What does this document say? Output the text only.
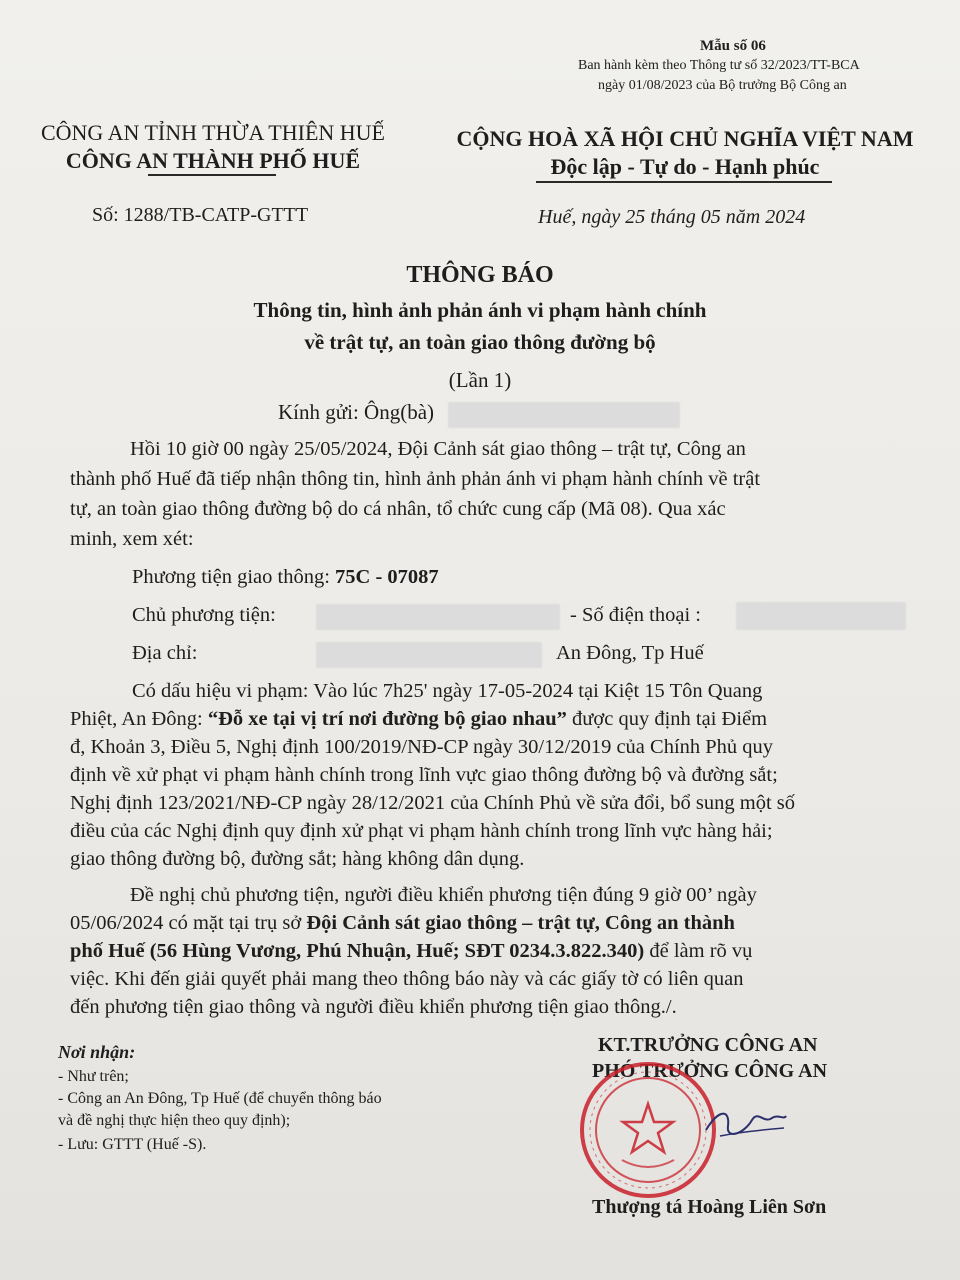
Mẫu số 06
Ban hành kèm theo Thông tư số 32/2023/TT-BCA
ngày 01/08/2023 của Bộ trưởng Bộ Công an
CÔNG AN TỈNH THỪA THIÊN HUẾ
CÔNG AN THÀNH PHỐ HUẾ
CỘNG HOÀ XÃ HỘI CHỦ NGHĨA VIỆT NAM
Độc lập - Tự do - Hạnh phúc
Số: 1288/TB-CATP-GTTT	Huế, ngày 25 tháng 05 năm 2024
THÔNG BÁO
Thông tin, hình ảnh phản ánh vi phạm hành chính
về trật tự, an toàn giao thông đường bộ
(Lần 1)
Kính gửi: Ông(bà)
Hồi 10 giờ 00 ngày 25/05/2024, Đội Cảnh sát giao thông – trật tự, Công an
thành phố Huế đã tiếp nhận thông tin, hình ảnh phản ánh vi phạm hành chính về trật
tự, an toàn giao thông đường bộ do cá nhân, tổ chức cung cấp (Mã 08). Qua xác
minh, xem xét:
Phương tiện giao thông: 75C - 07087
Chủ phương tiện:	- Số điện thoại :
Địa chỉ:	An Đông, Tp Huế
Có dấu hiệu vi phạm: Vào lúc 7h25' ngày 17-05-2024 tại Kiệt 15 Tôn Quang
Phiệt, An Đông: “Đỗ xe tại vị trí nơi đường bộ giao nhau” được quy định tại Điểm
đ, Khoản 3, Điều 5, Nghị định 100/2019/NĐ-CP ngày 30/12/2019 của Chính Phủ quy
định về xử phạt vi phạm hành chính trong lĩnh vực giao thông đường bộ và đường sắt;
Nghị định 123/2021/NĐ-CP ngày 28/12/2021 của Chính Phủ về sửa đổi, bổ sung một số
điều của các Nghị định quy định xử phạt vi phạm hành chính trong lĩnh vực hàng hải;
giao thông đường bộ, đường sắt; hàng không dân dụng.
Đề nghị chủ phương tiện, người điều khiển phương tiện đúng 9 giờ 00’ ngày
05/06/2024 có mặt tại trụ sở Đội Cảnh sát giao thông – trật tự, Công an thành
phố Huế (56 Hùng Vương, Phú Nhuận, Huế; SĐT 0234.3.822.340) để làm rõ vụ
việc. Khi đến giải quyết phải mang theo thông báo này và các giấy tờ có liên quan
đến phương tiện giao thông và người điều khiển phương tiện giao thông./.
Nơi nhận:
- Như trên;
- Công an An Đông, Tp Huế (để chuyển thông báo
và đề nghị thực hiện theo quy định);
- Lưu: GTTT (Huế -S).
KT.TRƯỞNG CÔNG AN
PHÓ TRƯỞNG CÔNG AN
Thượng tá Hoàng Liên Sơn
